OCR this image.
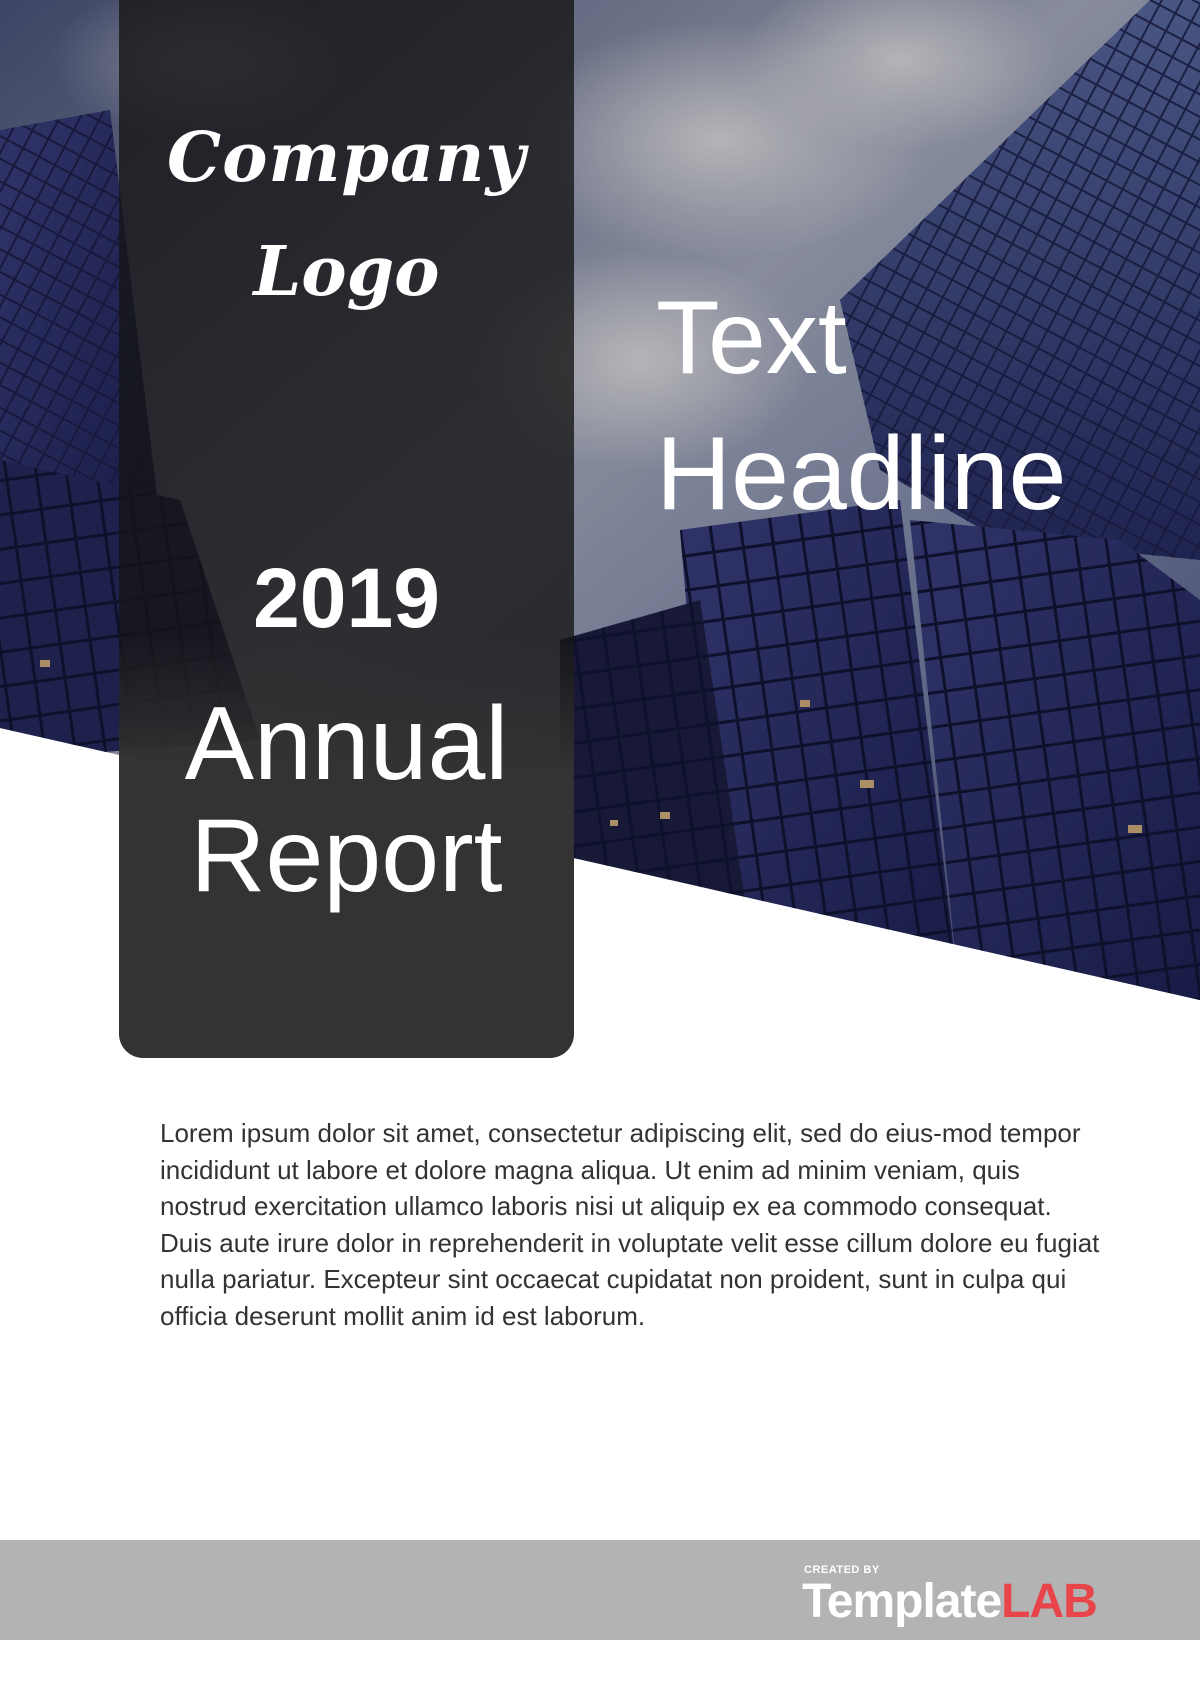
Company

Logo

Text
Headline

2019

Annual
Report

Lorem ipsum dolor sit amet, consectetur adipiscing elit, sed do eius-mod tempor incididunt ut labore et dolore magna aliqua. Ut enim ad minim veniam, quis nostrud exercitation ullamco laboris nisi ut aliquip ex ea commodo consequat. Duis aute irure dolor in reprehenderit in voluptate velit esse cillum dolore eu fugiat nulla pariatur. Excepteur sint occaecat cupidatat non proident, sunt in culpa qui officia deserunt mollit anim id est laborum.

CREATED BY

TemplateLAB
